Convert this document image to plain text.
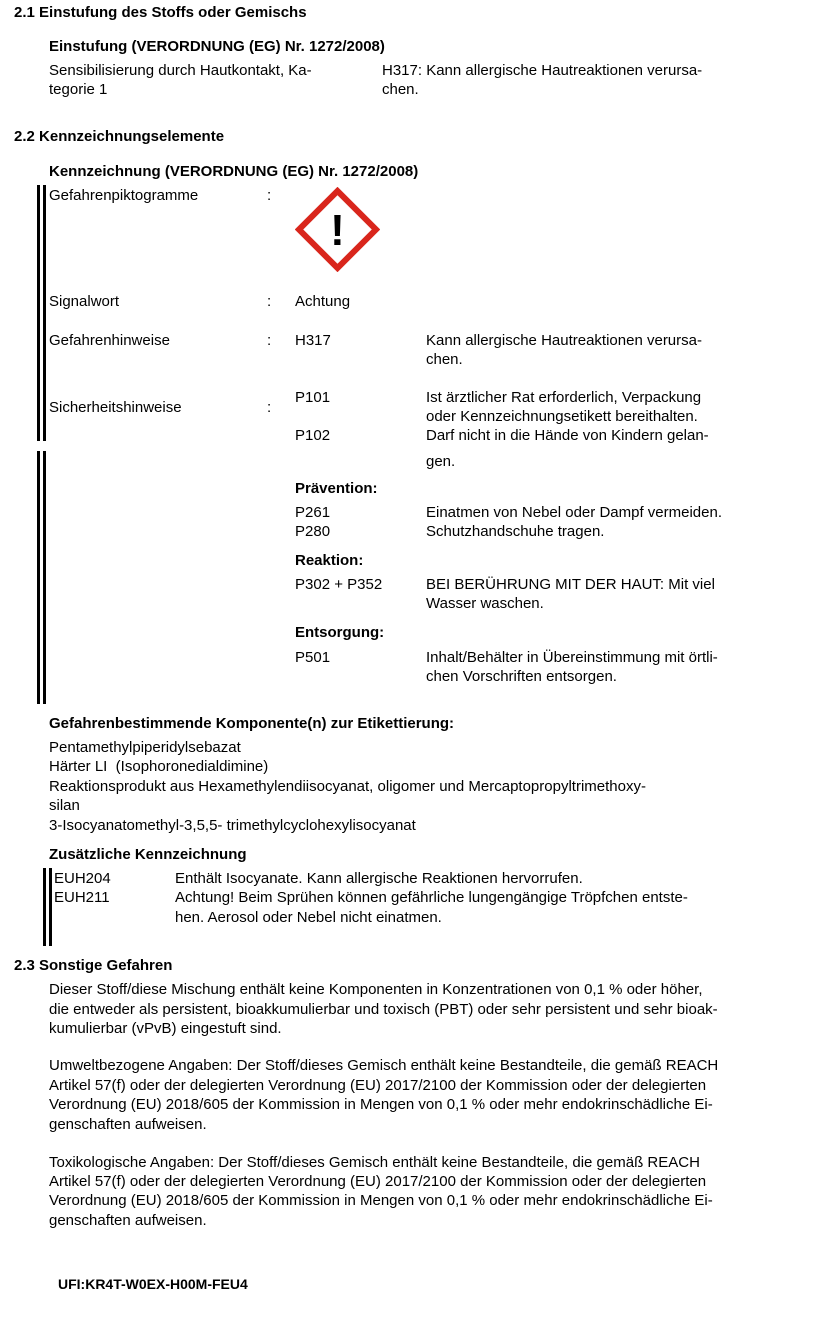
2.1 Einstufung des Stoffs oder Gemischs
Einstufung (VERORDNUNG (EG) Nr. 1272/2008)
Sensibilisierung durch Hautkontakt, Ka-
tegorie 1
H317: Kann allergische Hautreaktionen verursa-
chen.
2.2 Kennzeichnungselemente
Kennzeichnung (VERORDNUNG (EG) Nr. 1272/2008)
Gefahrenpiktogramme	:
!
Signalwort	: Achtung
Gefahrenhinweise	: H317	Kann allergische Hautreaktionen verursa-
chen.
Sicherheitshinweise	:
P101	Ist ärztlicher Rat erforderlich, Verpackung
oder Kennzeichnungsetikett bereithalten.
P102	Darf nicht in die Hände von Kindern gelan-
gen.
Prävention:
P261	Einatmen von Nebel oder Dampf vermeiden.
P280	Schutzhandschuhe tragen.
Reaktion:
P302 + P352	BEI BERÜHRUNG MIT DER HAUT: Mit viel
Wasser waschen.
Entsorgung:
P501	Inhalt/Behälter in Übereinstimmung mit örtli-
chen Vorschriften entsorgen.
Gefahrenbestimmende Komponente(n) zur Etikettierung:
Pentamethylpiperidylsebazat
Härter LI  (Isophoronedialdimine)
Reaktionsprodukt aus Hexamethylendiisocyanat, oligomer und Mercaptopropyltrimethoxy-
silan
3-Isocyanatomethyl-3,5,5- trimethylcyclohexylisocyanat
Zusätzliche Kennzeichnung
EUH204	Enthält Isocyanate. Kann allergische Reaktionen hervorrufen.
EUH211	Achtung! Beim Sprühen können gefährliche lungengängige Tröpfchen entste-
hen. Aerosol oder Nebel nicht einatmen.
2.3 Sonstige Gefahren
Dieser Stoff/diese Mischung enthält keine Komponenten in Konzentrationen von 0,1 % oder höher,
die entweder als persistent, bioakkumulierbar und toxisch (PBT) oder sehr persistent und sehr bioak-
kumulierbar (vPvB) eingestuft sind.
Umweltbezogene Angaben: Der Stoff/dieses Gemisch enthält keine Bestandteile, die gemäß REACH
Artikel 57(f) oder der delegierten Verordnung (EU) 2017/2100 der Kommission oder der delegierten
Verordnung (EU) 2018/605 der Kommission in Mengen von 0,1 % oder mehr endokrinschädliche Ei-
genschaften aufweisen.
Toxikologische Angaben: Der Stoff/dieses Gemisch enthält keine Bestandteile, die gemäß REACH
Artikel 57(f) oder der delegierten Verordnung (EU) 2017/2100 der Kommission oder der delegierten
Verordnung (EU) 2018/605 der Kommission in Mengen von 0,1 % oder mehr endokrinschädliche Ei-
genschaften aufweisen.
UFI:KR4T-W0EX-H00M-FEU4
